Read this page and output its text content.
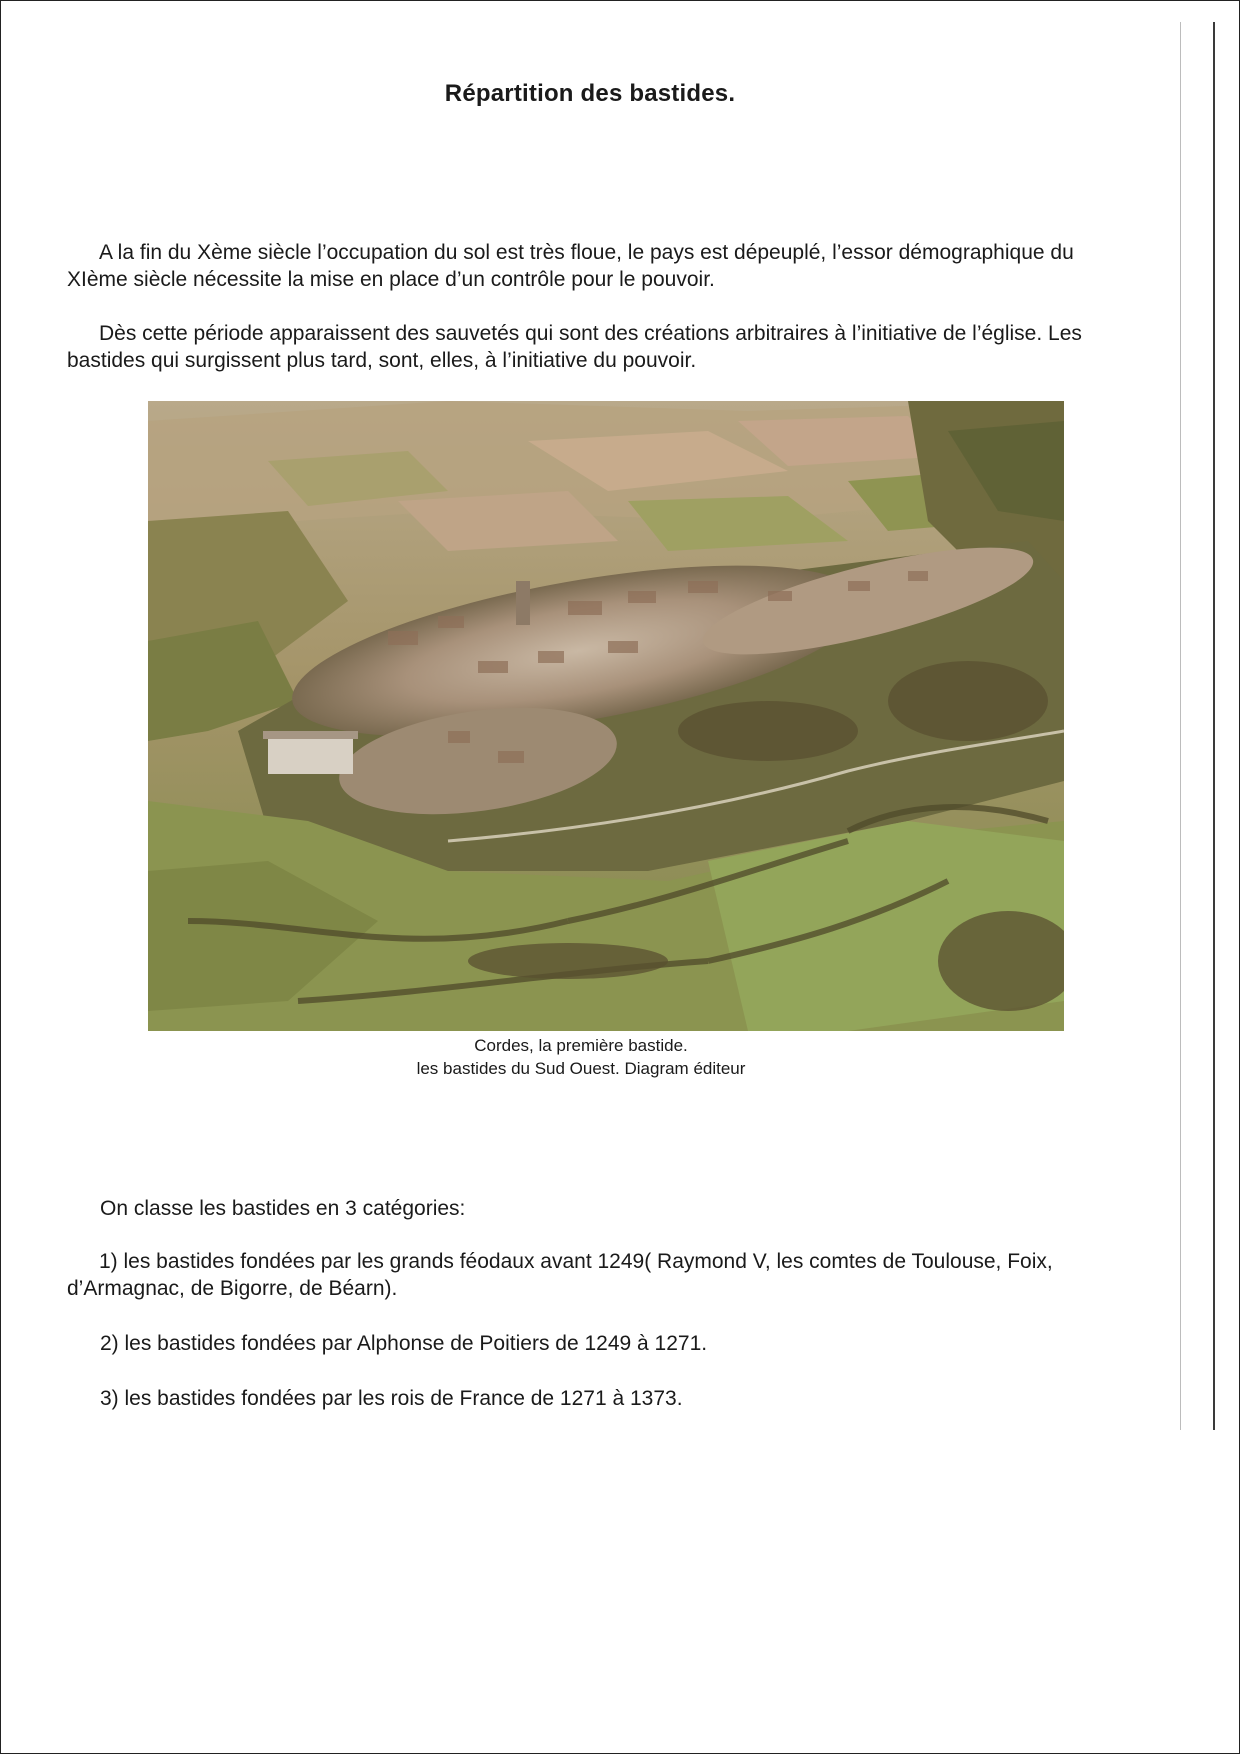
Répartition des bastides.

A la fin du Xème siècle l’occupation du sol est très floue, le pays est dépeuplé, l’essor démographique du XIème siècle nécessite la mise en place d’un contrôle pour le pouvoir.

Dès cette période apparaissent des sauvetés qui sont des créations arbitraires à l’initiative de l’église. Les bastides qui surgissent plus tard, sont, elles, à l’initiative du pouvoir.

Cordes, la première bastide.
les bastides du Sud Ouest. Diagram éditeur

On classe les bastides en 3 catégories:

1) les bastides fondées par les grands féodaux avant 1249( Raymond V, les comtes de Toulouse, Foix, d’Armagnac, de Bigorre, de Béarn).

2) les bastides fondées par Alphonse de Poitiers de 1249 à 1271.

3) les bastides fondées par les rois de France de 1271 à 1373.
